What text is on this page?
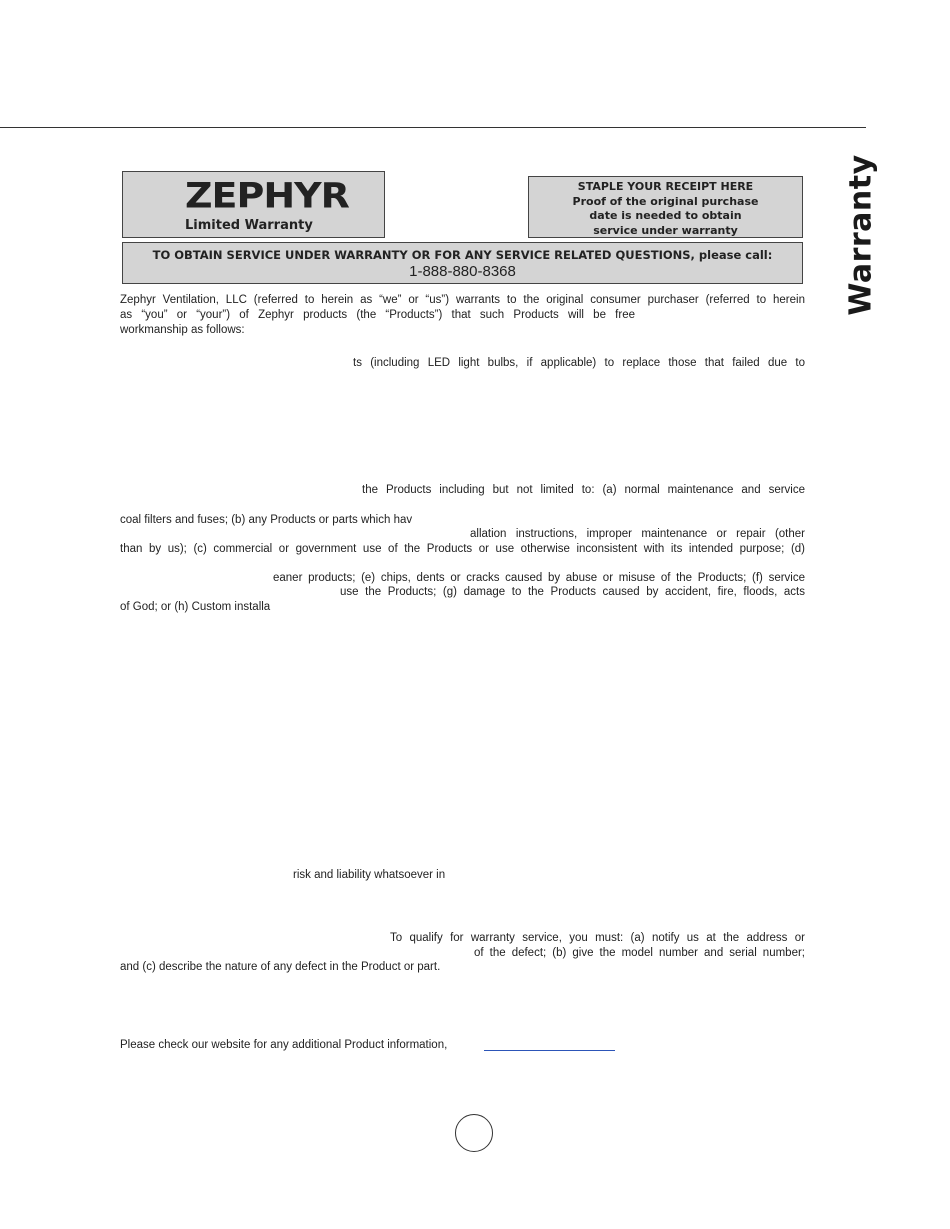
Warranty
ZEPHYR
Limited Warranty
STAPLE YOUR RECEIPT HERE
Proof of the original purchase
date is needed to obtain
service under warranty
TO OBTAIN SERVICE UNDER WARRANTY OR FOR ANY SERVICE RELATED QUESTIONS, please call:
1-888-880-8368
Zephyr Ventilation, LLC (referred to herein as “we” or “us”) warrants to the original consumer purchaser (referred to herein
as “you” or “your”) of Zephyr products (the “Products”) that such Products will be free
workmanship as follows:
ts (including LED light bulbs, if applicable) to replace those that failed due to
the Products including but not limited to: (a) normal maintenance and service
coal filters and fuses; (b) any Products or parts which hav
allation instructions, improper maintenance or repair (other
than by us); (c) commercial or government use of the Products or use otherwise inconsistent with its intended purpose; (d)
eaner products; (e) chips, dents or cracks caused by abuse or misuse of the Products; (f) service
use the Products; (g) damage to the Products caused by accident, fire, floods, acts
of God; or (h) Custom installa
risk and liability whatsoever in
To qualify for warranty service, you must: (a) notify us at the address or
of the defect; (b) give the model number and serial number;
and (c) describe the nature of any defect in the Product or part.
Please check our website for any additional Product information,
